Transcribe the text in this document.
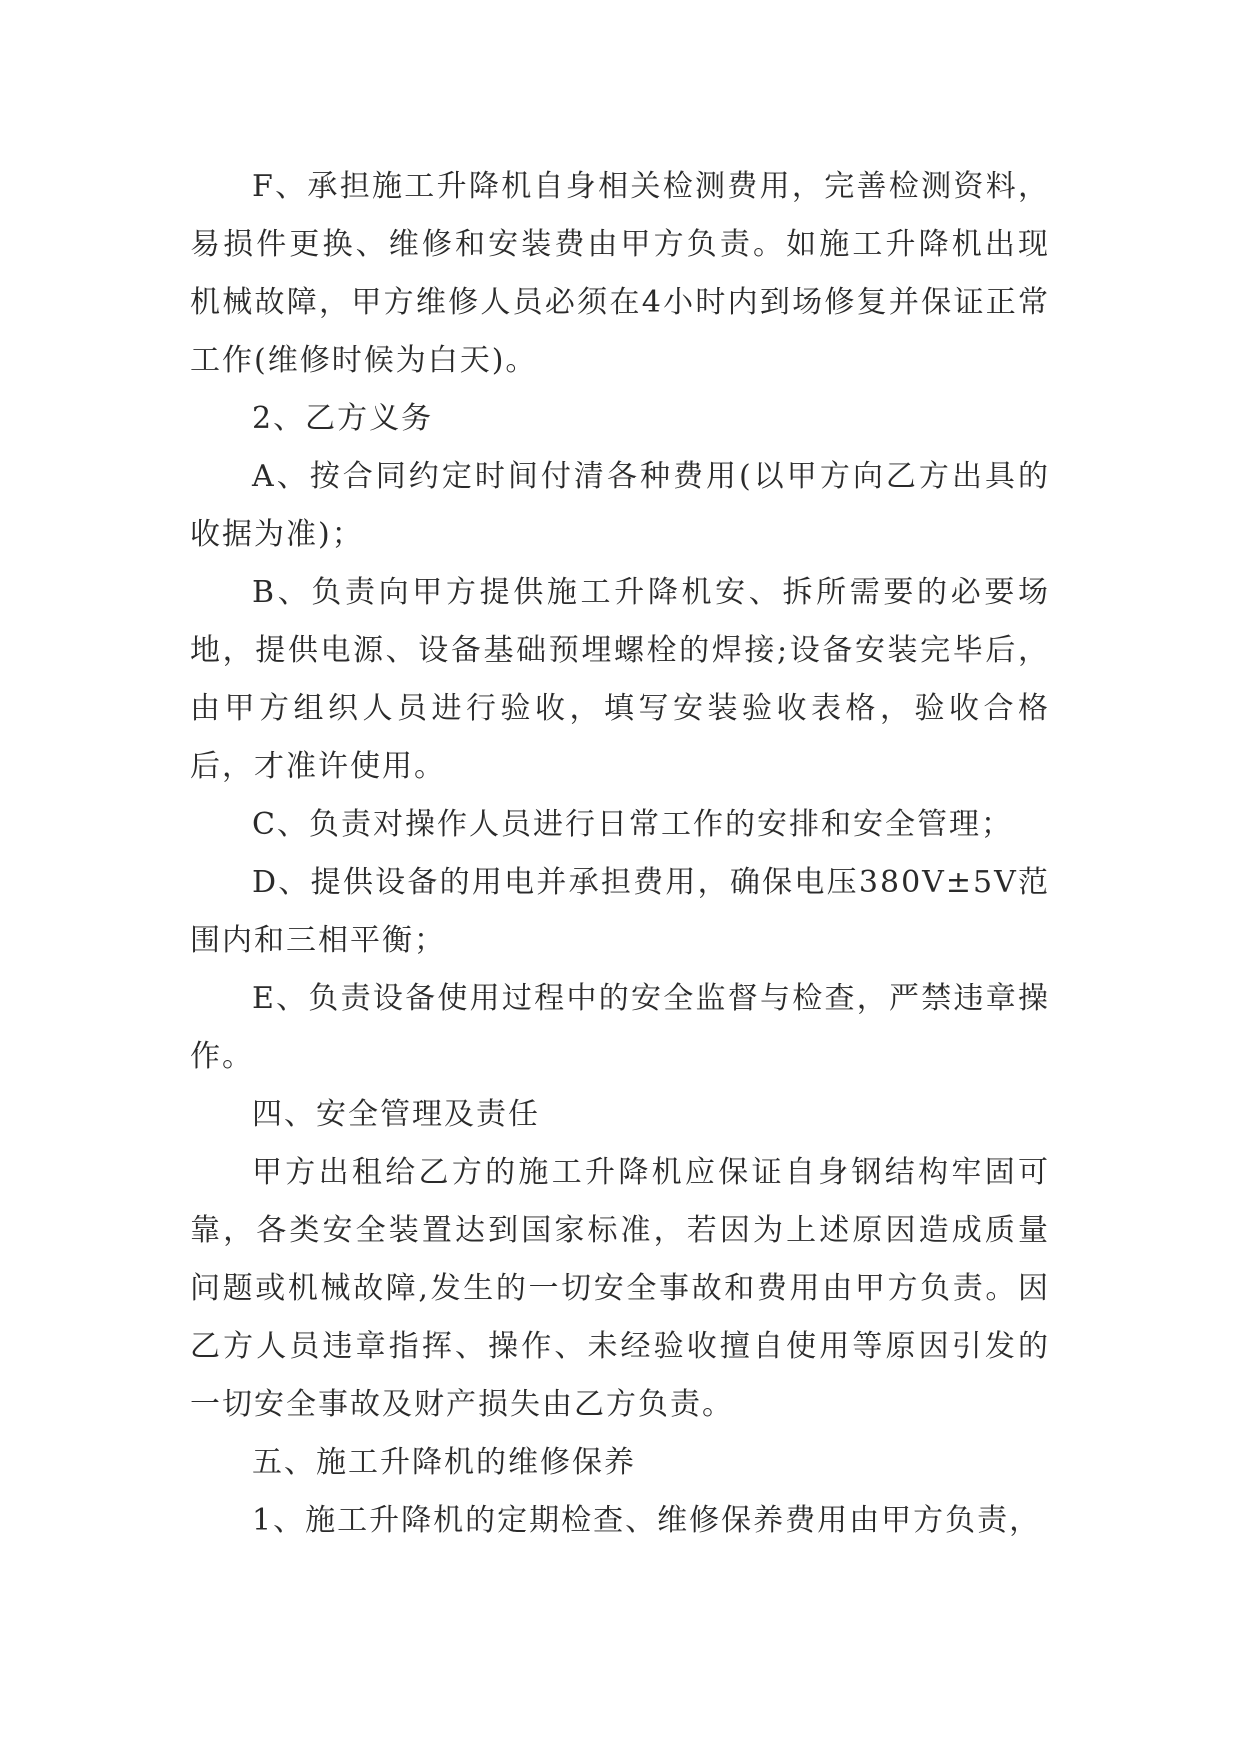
F、承担施工升降机自身相关检测费用，完善检测资料，易损件更换、维修和安装费由甲方负责。如施工升降机出现机械故障，甲方维修人员必须在4小时内到场修复并保证正常工作(维修时候为白天)。

2、乙方义务

A、按合同约定时间付清各种费用(以甲方向乙方出具的收据为准)；

B、负责向甲方提供施工升降机安、拆所需要的必要场地，提供电源、设备基础预埋螺栓的焊接;设备安装完毕后，由甲方组织人员进行验收，填写安装验收表格，验收合格后，才准许使用。

C、负责对操作人员进行日常工作的安排和安全管理；

D、提供设备的用电并承担费用，确保电压380V±5V范围内和三相平衡；

E、负责设备使用过程中的安全监督与检查，严禁违章操作。

四、安全管理及责任

甲方出租给乙方的施工升降机应保证自身钢结构牢固可靠，各类安全装置达到国家标准，若因为上述原因造成质量问题或机械故障,发生的一切安全事故和费用由甲方负责。因乙方人员违章指挥、操作、未经验收擅自使用等原因引发的一切安全事故及财产损失由乙方负责。

五、施工升降机的维修保养

1、施工升降机的定期检查、维修保养费用由甲方负责，
